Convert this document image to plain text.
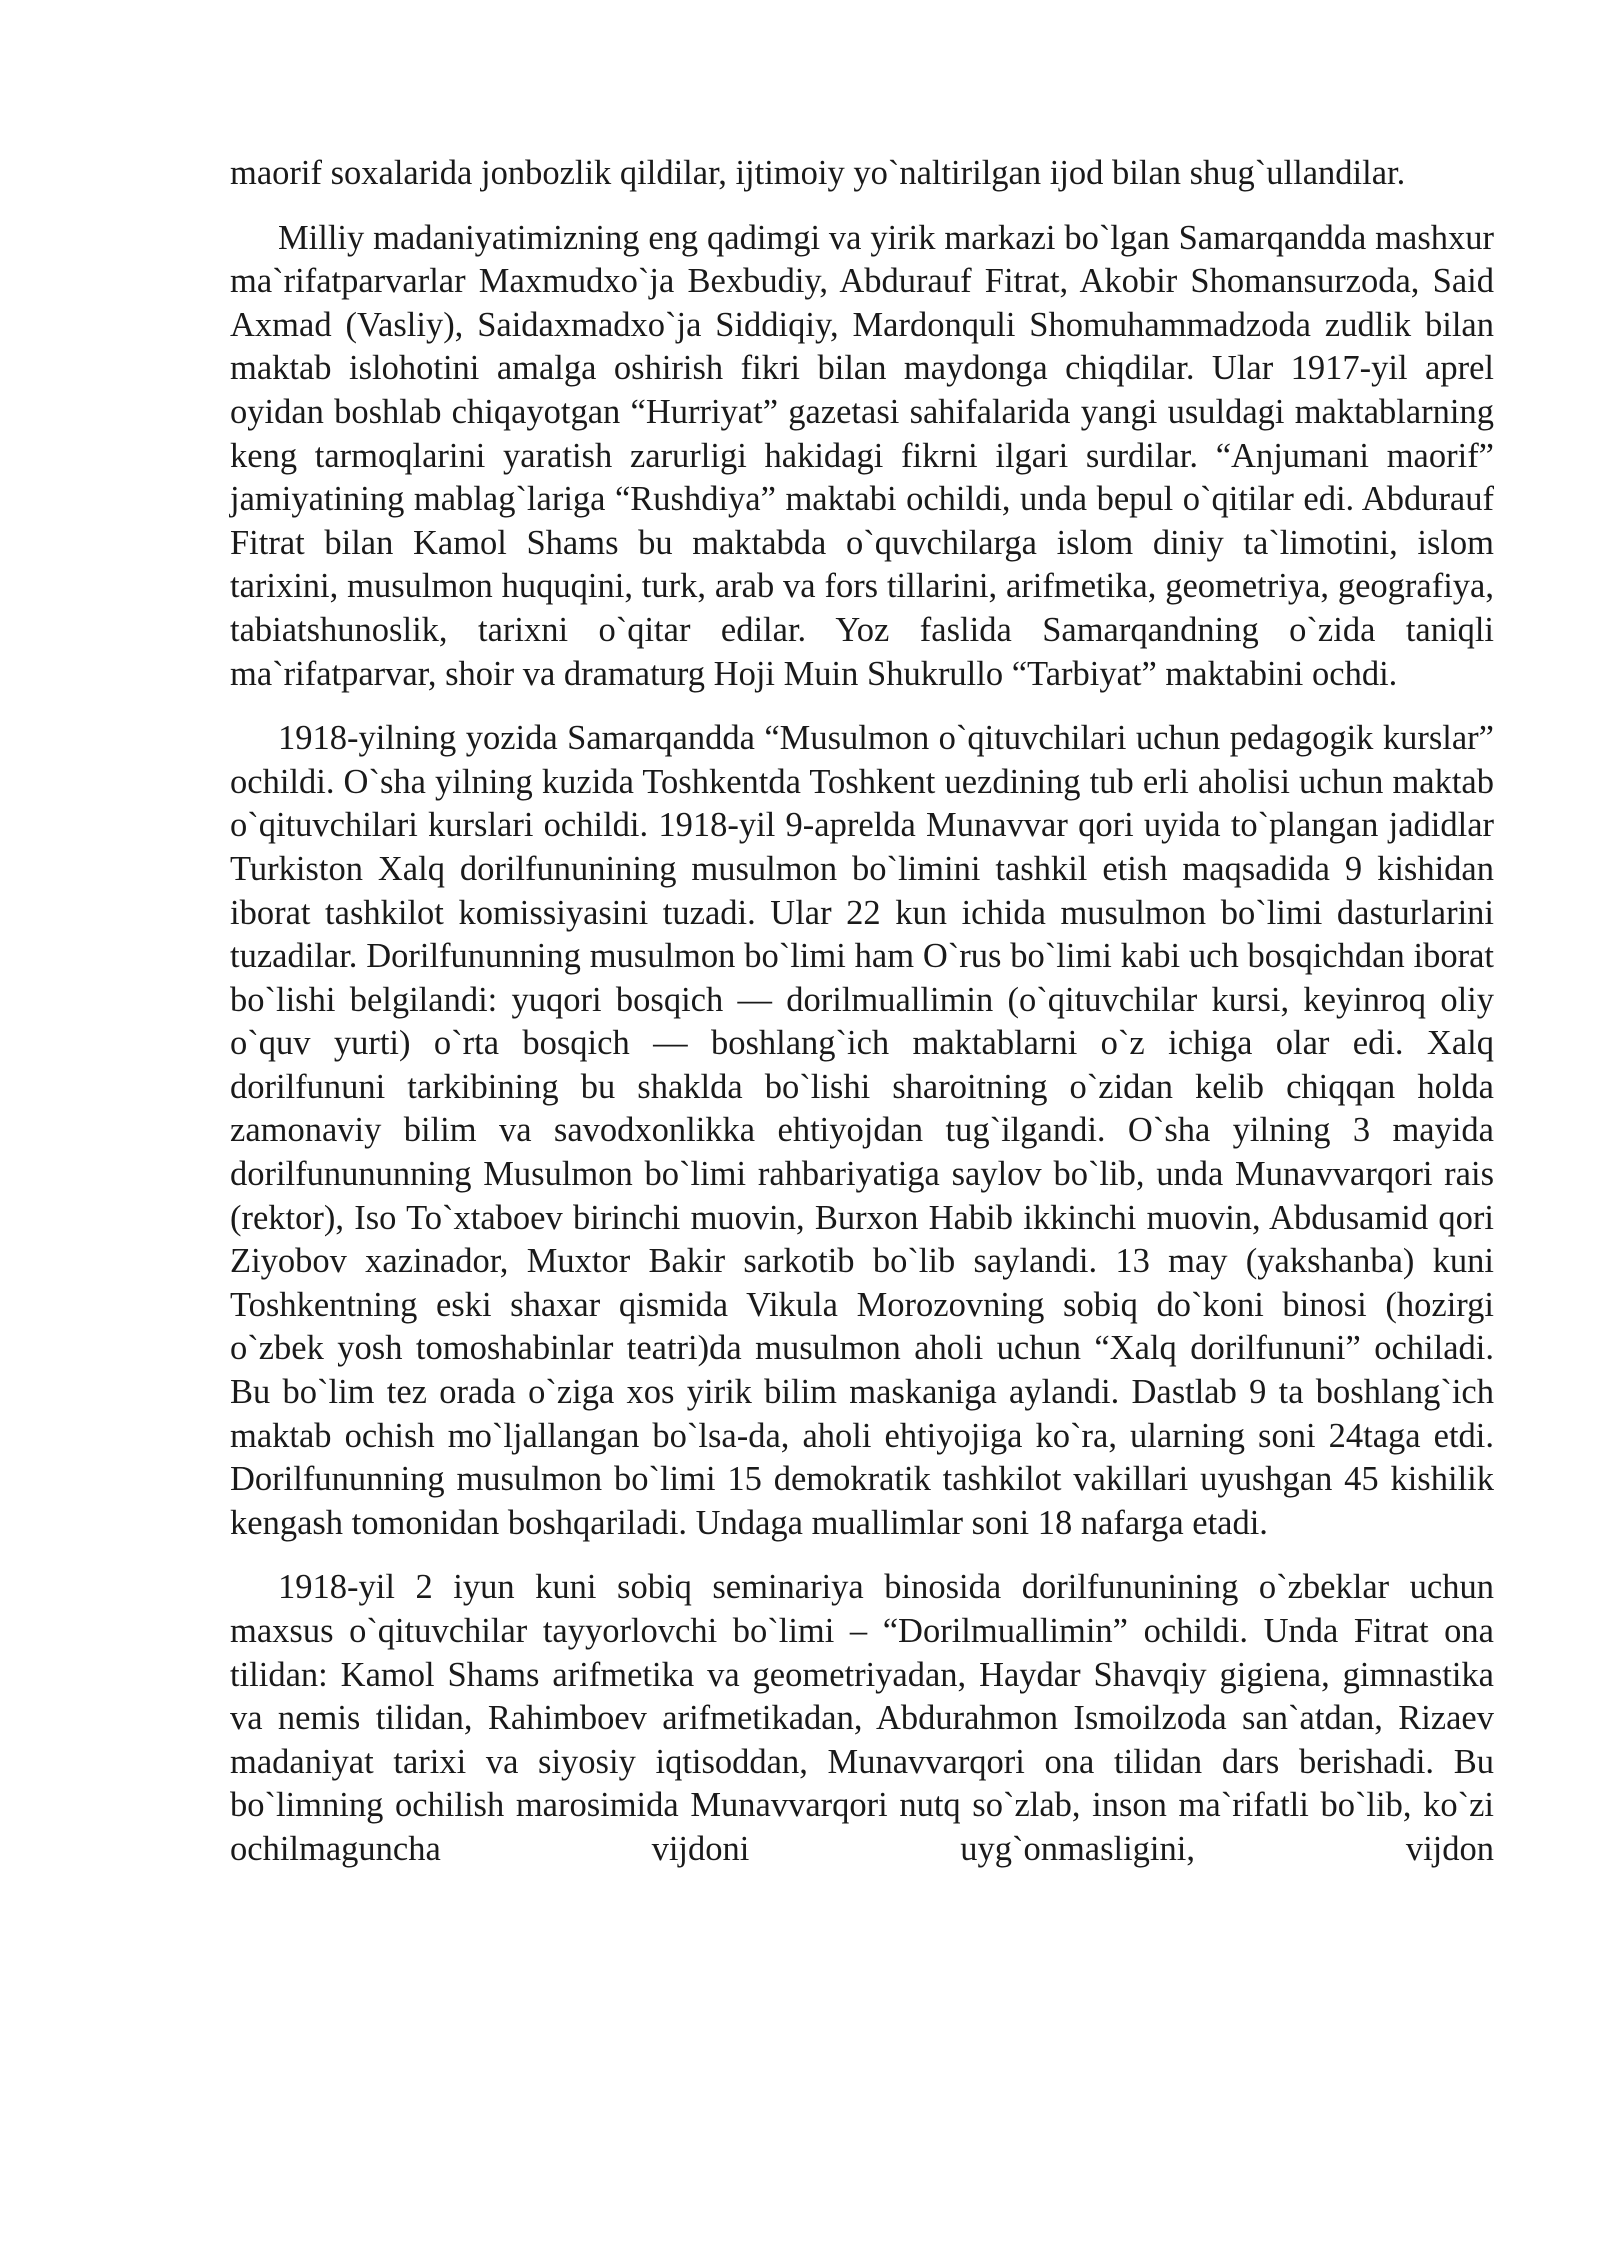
maorif soxalarida jonbozlik qildilar, ijtimoiy yo`naltirilgan ijod bilan shug`ullandilar.

Milliy madaniyatimizning eng qadimgi va yirik markazi bo`lgan Samarqandda mashxur ma`rifatparvarlar Maxmudxo`ja Bexbudiy, Abdurauf Fitrat, Akobir Shomansurzoda, Said Axmad (Vasliy), Saidaxmadxo`ja Siddiqiy, Mardonquli Shomuhammadzoda zudlik bilan maktab islohotini amalga oshirish fikri bilan maydonga chiqdilar. Ular 1917-yil aprel oyidan boshlab chiqayotgan “Hurriyat” gazetasi sahifalarida yangi usuldagi maktablarning keng tarmoqlarini yaratish zarurligi hakidagi fikrni ilgari surdilar. “Anjumani maorif” jamiyatining mablag`lariga “Rushdiya” maktabi ochildi, unda bepul o`qitilar edi. Abdurauf Fitrat bilan Kamol Shams bu maktabda o`quvchilarga islom diniy ta`limotini, islom tarixini, musulmon huquqini, turk, arab va fors tillarini, arifmetika, geometriya, geografiya, tabiatshunoslik, tarixni o`qitar edilar. Yoz faslida Samarqandning o`zida taniqli ma`rifatparvar, shoir va dramaturg Hoji Muin Shukrullo “Tarbiyat” maktabini ochdi.

1918-yilning yozida Samarqandda “Musulmon o`qituvchilari uchun pedagogik kurslar” ochildi. O`sha yilning kuzida Toshkentda Toshkent uezdining tub erli aholisi uchun maktab o`qituvchilari kurslari ochildi. 1918-yil 9-aprelda Munavvar qori uyida to`plangan jadidlar Turkiston Xalq dorilfununining musulmon bo`limini tashkil etish maqsadida 9 kishidan iborat tashkilot komissiyasini tuzadi. Ular 22 kun ichida musulmon bo`limi dasturlarini tuzadilar. Dorilfununning musulmon bo`limi ham O`rus bo`limi kabi uch bosqichdan iborat bo`lishi belgilandi: yuqori bosqich — dorilmuallimin (o`qituvchilar kursi, keyinroq oliy o`quv yurti) o`rta bosqich — boshlang`ich maktablarni o`z ichiga olar edi. Xalq dorilfununi tarkibining bu shaklda bo`lishi sharoitning o`zidan kelib chiqqan holda zamonaviy bilim va savodxonlikka ehtiyojdan tug`ilgandi. O`sha yilning 3 mayida dorilfunununning Musulmon bo`limi rahbariyatiga saylov bo`lib, unda Munavvarqori rais (rektor), Iso To`xtaboev birinchi muovin, Burxon Habib ikkinchi muovin, Abdusamid qori Ziyobov xazinador, Muxtor Bakir sarkotib bo`lib saylandi. 13 may (yakshanba) kuni Toshkentning eski shaxar qismida Vikula Morozovning sobiq do`koni binosi (hozirgi o`zbek yosh tomoshabinlar teatri)da musulmon aholi uchun “Xalq dorilfununi” ochiladi. Bu bo`lim tez orada o`ziga xos yirik bilim maskaniga aylandi. Dastlab 9 ta boshlang`ich maktab ochish mo`ljallangan bo`lsa-da, aholi ehtiyojiga ko`ra, ularning soni 24taga etdi. Dorilfununning musulmon bo`limi 15 demokratik tashkilot vakillari uyushgan 45 kishilik kengash tomonidan boshqariladi. Undaga muallimlar soni 18 nafarga etadi.

1918-yil 2 iyun kuni sobiq seminariya binosida dorilfununining o`zbeklar uchun maxsus o`qituvchilar tayyorlovchi bo`limi – “Dorilmuallimin” ochildi. Unda Fitrat ona tilidan: Kamol Shams arifmetika va geometriyadan, Haydar Shavqiy gigiena, gimnastika va nemis tilidan, Rahimboev arifmetikadan, Abdurahmon Ismoilzoda san`atdan, Rizaev madaniyat tarixi va siyosiy iqtisoddan, Munavvarqori ona tilidan dars berishadi. Bu bo`limning ochilish marosimida Munavvarqori nutq so`zlab, inson ma`rifatli bo`lib, ko`zi ochilmaguncha vijdoni uyg`onmasligini, vijdon
